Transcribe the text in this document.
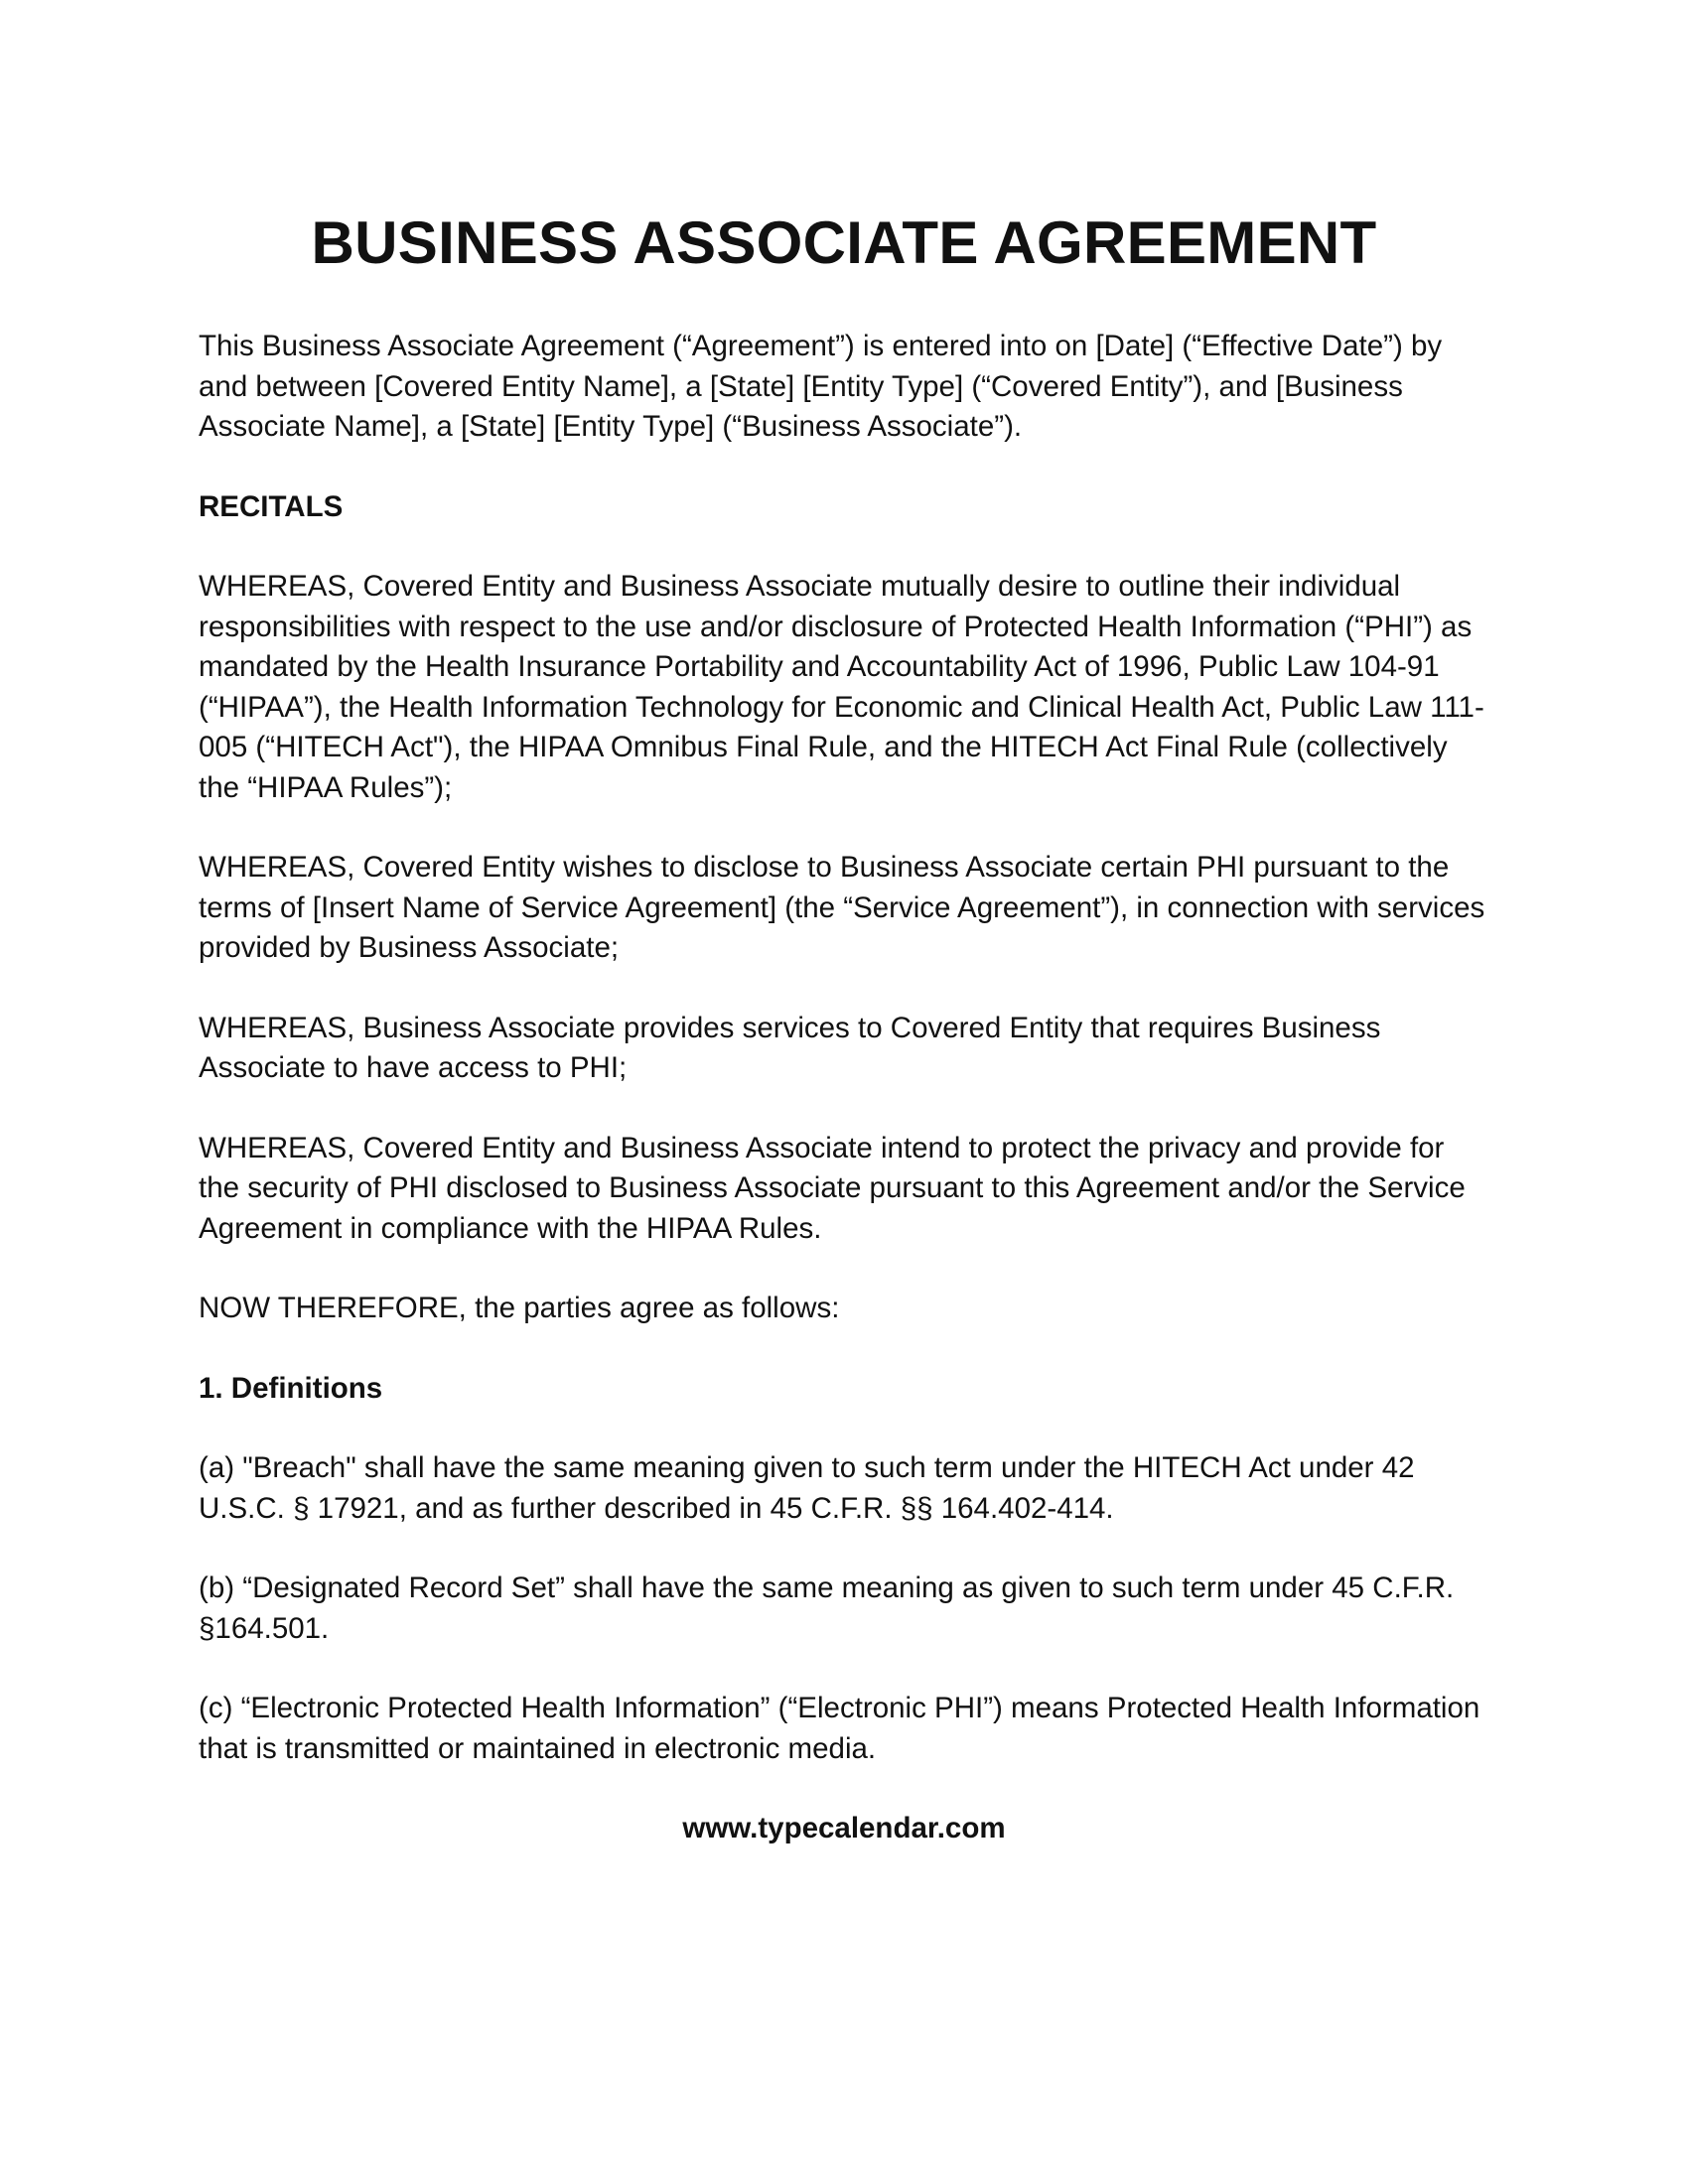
BUSINESS ASSOCIATE AGREEMENT

This Business Associate Agreement (“Agreement”) is entered into on [Date] (“Effective Date”) by and between [Covered Entity Name], a [State] [Entity Type] (“Covered Entity”), and [Business Associate Name], a [State] [Entity Type] (“Business Associate”).

RECITALS

WHEREAS, Covered Entity and Business Associate mutually desire to outline their individual responsibilities with respect to the use and/or disclosure of Protected Health Information (“PHI”) as mandated by the Health Insurance Portability and Accountability Act of 1996, Public Law 104-91 (“HIPAA”), the Health Information Technology for Economic and Clinical Health Act, Public Law 111-005 (“HITECH Act"), the HIPAA Omnibus Final Rule, and the HITECH Act Final Rule (collectively the “HIPAA Rules”);

WHEREAS, Covered Entity wishes to disclose to Business Associate certain PHI pursuant to the terms of [Insert Name of Service Agreement] (the “Service Agreement”), in connection with services provided by Business Associate;

WHEREAS, Business Associate provides services to Covered Entity that requires Business Associate to have access to PHI;

WHEREAS, Covered Entity and Business Associate intend to protect the privacy and provide for the security of PHI disclosed to Business Associate pursuant to this Agreement and/or the Service Agreement in compliance with the HIPAA Rules.

NOW THEREFORE, the parties agree as follows:

1. Definitions

(a) "Breach" shall have the same meaning given to such term under the HITECH Act under 42 U.S.C. § 17921, and as further described in 45 C.F.R. §§ 164.402-414.

(b) “Designated Record Set” shall have the same meaning as given to such term under 45 C.F.R. §164.501.

(c) “Electronic Protected Health Information” (“Electronic PHI”) means Protected Health Information that is transmitted or maintained in electronic media.

www.typecalendar.com
